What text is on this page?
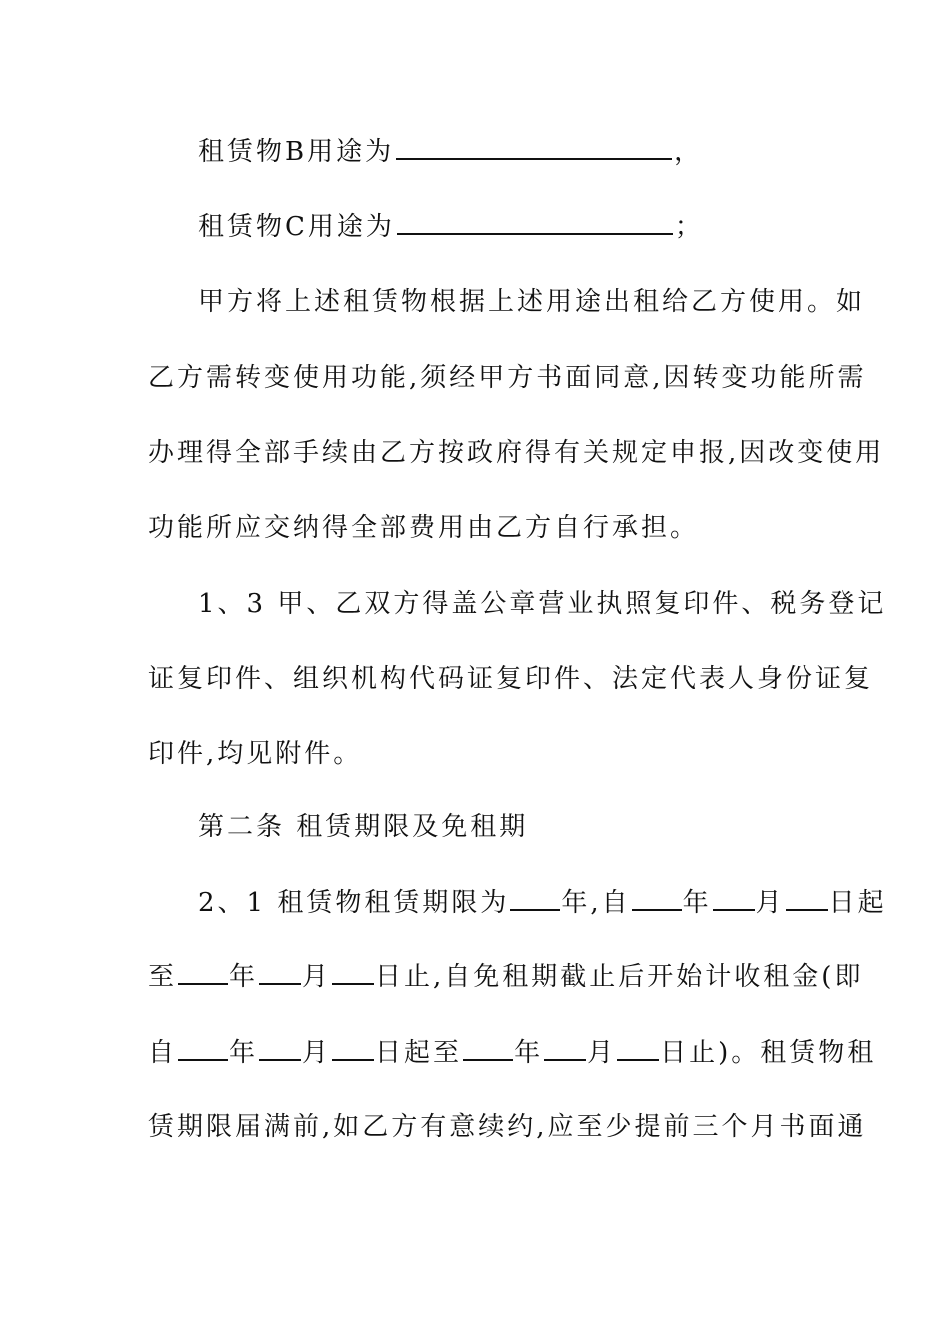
租赁物B用途为	，
租赁物C用途为	；
甲方将上述租赁物根据上述用途出租给乙方使用。如
乙方需转变使用功能,须经甲方书面同意,因转变功能所需
办理得全部手续由乙方按政府得有关规定申报,因改变使用
功能所应交纳得全部费用由乙方自行承担。
1、3 甲、乙双方得盖公章营业执照复印件、税务登记
证复印件、组织机构代码证复印件、法定代表人身份证复
印件,均见附件。
第二条 租赁期限及免租期
2、1 租赁物租赁期限为 年,自 年 月 日起
至 年 月 日止,自免租期截止后开始计收租金(即
自 年 月 日起至 年 月 日止)。租赁物租
赁期限届满前,如乙方有意续约,应至少提前三个月书面通
